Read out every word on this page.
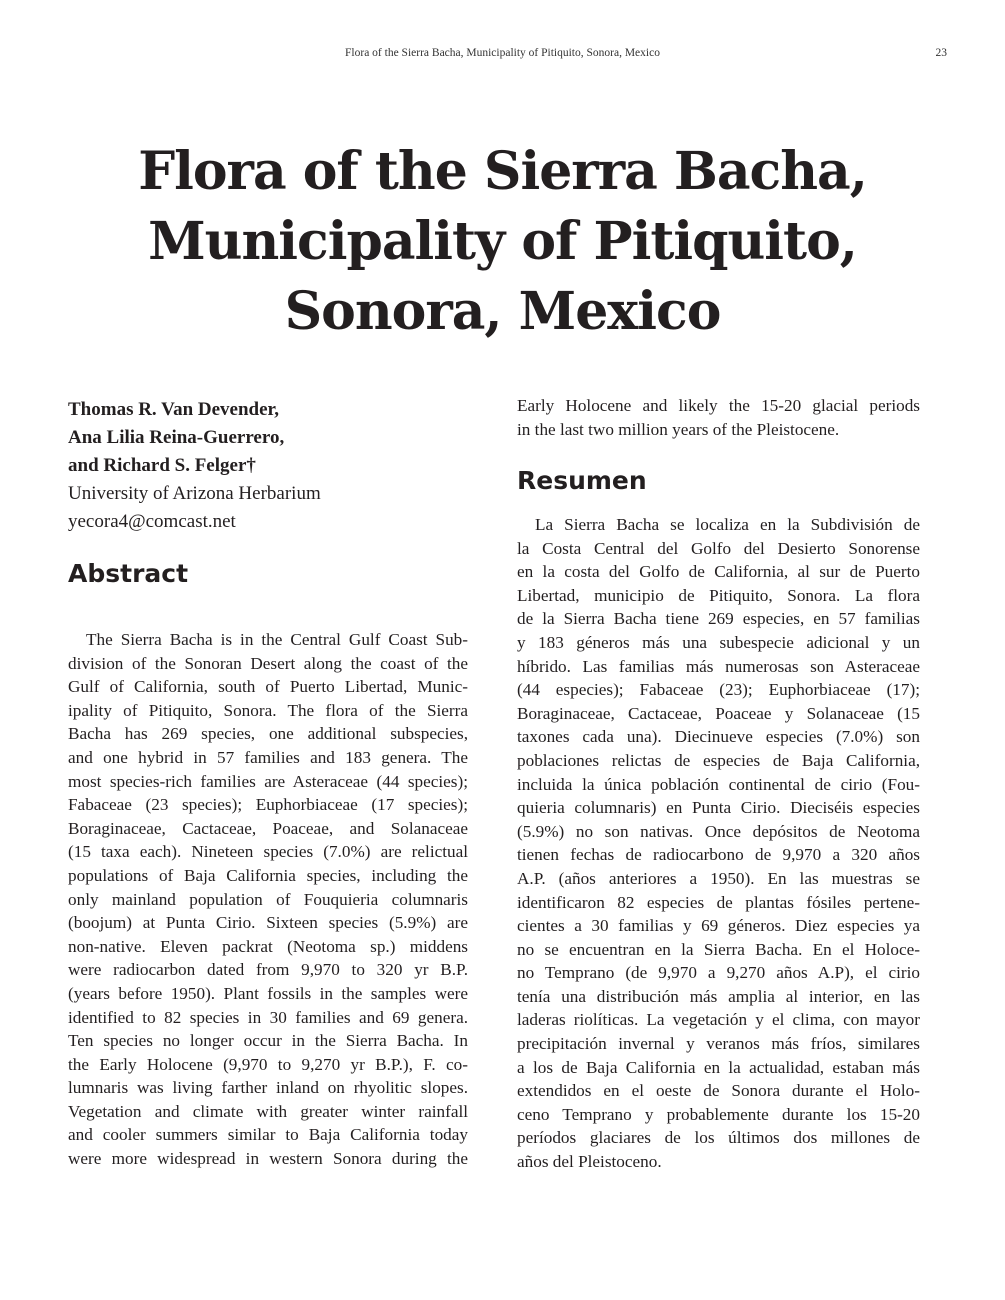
Flora of the Sierra Bacha, Municipality of Pitiquito, Sonora, Mexico	23
Flora of the Sierra Bacha,
Municipality of Pitiquito,
Sonora, Mexico
Thomas R. Van Devender,
Ana Lilia Reina-Guerrero,
and Richard S. Felger†
University of Arizona Herbarium
yecora4@comcast.net
Abstract
The Sierra Bacha is in the Central Gulf Coast Sub-
division of the Sonoran Desert along the coast of the
Gulf of California, south of Puerto Libertad, Munic-
ipality of Pitiquito, Sonora. The flora of the Sierra
Bacha has 269 species, one additional subspecies,
and one hybrid in 57 families and 183 genera. The
most species-rich families are Asteraceae (44 species);
Fabaceae (23 species); Euphorbiaceae (17 species);
Boraginaceae, Cactaceae, Poaceae, and Solanaceae
(15 taxa each). Nineteen species (7.0%) are relictual
populations of Baja California species, including the
only mainland population of Fouquieria columnaris
(boojum) at Punta Cirio. Sixteen species (5.9%) are
non-native. Eleven packrat (Neotoma sp.) middens
were radiocarbon dated from 9,970 to 320 yr B.P.
(years before 1950). Plant fossils in the samples were
identified to 82 species in 30 families and 69 genera.
Ten species no longer occur in the Sierra Bacha. In
the Early Holocene (9,970 to 9,270 yr B.P.), F. co-
lumnaris was living farther inland on rhyolitic slopes.
Vegetation and climate with greater winter rainfall
and cooler summers similar to Baja California today
were more widespread in western Sonora during the
Early Holocene and likely the 15-20 glacial periods
in the last two million years of the Pleistocene.
Resumen
La Sierra Bacha se localiza en la Subdivisión de
la Costa Central del Golfo del Desierto Sonorense
en la costa del Golfo de California, al sur de Puerto
Libertad, municipio de Pitiquito, Sonora. La flora
de la Sierra Bacha tiene 269 especies, en 57 familias
y 183 géneros más una subespecie adicional y un
híbrido. Las familias más numerosas son Asteraceae
(44 especies); Fabaceae (23); Euphorbiaceae (17);
Boraginaceae, Cactaceae, Poaceae y Solanaceae (15
taxones cada una). Diecinueve especies (7.0%) son
poblaciones relictas de especies de Baja California,
incluida la única población continental de cirio (Fou-
quieria columnaris) en Punta Cirio. Dieciséis especies
(5.9%) no son nativas. Once depósitos de Neotoma
tienen fechas de radiocarbono de 9,970 a 320 años
A.P. (años anteriores a 1950). En las muestras se
identificaron 82 especies de plantas fósiles pertene-
cientes a 30 familias y 69 géneros. Diez especies ya
no se encuentran en la Sierra Bacha. En el Holoce-
no Temprano (de 9,970 a 9,270 años A.P), el cirio
tenía una distribución más amplia al interior, en las
laderas riolíticas. La vegetación y el clima, con mayor
precipitación invernal y veranos más fríos, similares
a los de Baja California en la actualidad, estaban más
extendidos en el oeste de Sonora durante el Holo-
ceno Temprano y probablemente durante los 15-20
períodos glaciares de los últimos dos millones de
años del Pleistoceno.
